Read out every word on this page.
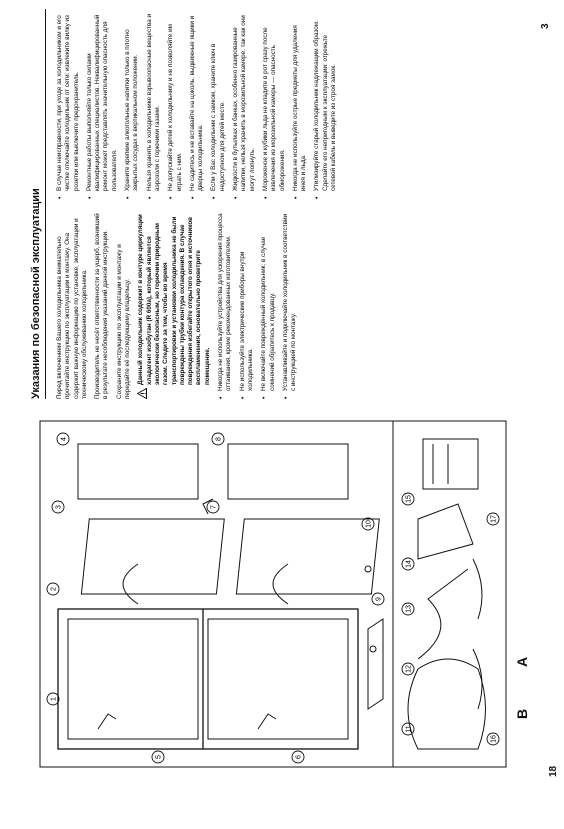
18
3
1
2
3
4
5	6
7
8
9
10
11
12
13
14
15
16
17
A
B
Указания по безопасной эксплуатации	Перед включением Вашего холодильника внимательно прочитайте инструкцию по эксплуатации и монтажу. Она содержит важную информацию по установке, эксплуатации и техническому обслуживанию холодильника. Производитель не несёт ответственности за ущерб, возникший в результате несоблюдения указаний данной инструкции. Сохраните инструкцию по эксплуатации и монтажу и передайте её последующему владельцу. Данный холодильник содержит в контуре циркуляции хладагент изобутан (R 600a), который является экологически безопасным, но горючим природным газом. Следите за тем, чтобы во время транспортировки и установки холодильника не были повреждены трубки контура охлаждения. В случае повреждения избегайте открытого огня и источников воспламенения, основательно проветрите помещение. • Никогда не используйте устройства для ускорения процесса оттаивания, кроме рекомендованных изготовителем. • Не используйте электрические приборы внутри холодильника. • Не включайте повреждённый холодильник; в случае сомнений обратитесь к продавцу. • Устанавливайте и подключайте холодильник в соответствии с инструкцией по монтажу.

• В случае неисправности, при уходе за холодильником и его чистке отключайте холодильник от сети: извлеките вилку из розетки или выключите предохранитель. • Ремонтные работы выполняйте только силами квалифицированных специалистов. Неквалифицированный ремонт может представлять значительную опасность для пользователя. • Храните крепкие алкогольные напитки только в плотно закрытых сосудах в вертикальном положении. • Нельзя хранить в холодильнике взрывоопасные вещества и аэрозоли с горючими газами. • Не допускайте детей к холодильнику и не позволяйте им играть с ним. • Не садитесь и не вставайте на цоколь, выдвижные ящики и дверцы холодильника. • Если у Вас холодильник с замком, храните ключ в недоступном для детей месте. • Жидкости в бутылках и банках, особенно газированные напитки, нельзя хранить в морозильной камере, так как они могут лопнуть. • Мороженое и кубики льда не кладите в рот сразу после извлечения из морозильной камеры — опасность обморожения. • Никогда не используйте острые предметы для удаления инея и льда. • Утилизируйте старый холодильник надлежащим образом. Сделайте его непригодным к эксплуатации: отрежьте сетевой кабель и выведите из строя замок.
